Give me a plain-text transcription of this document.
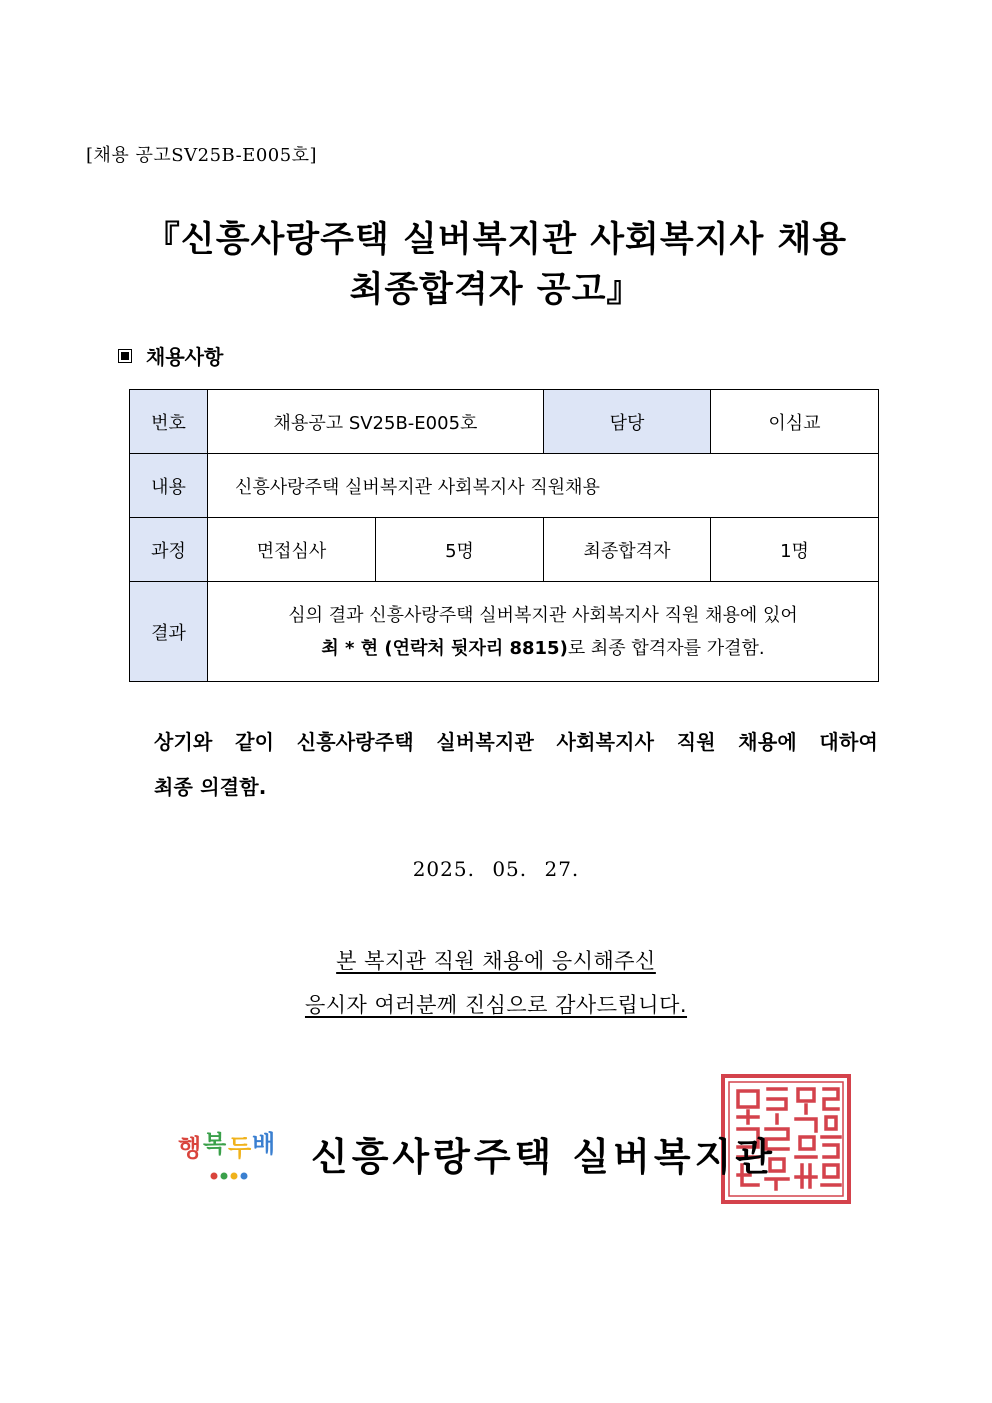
[채용 공고SV25B-E005호]
『신흥사랑주택 실버복지관 사회복지사 채용
최종합격자 공고』
채용사항
번호	채용공고 SV25B-E005호		담당	이심교
내용	신흥사랑주택 실버복지관 사회복지사 직원채용			
과정	면접심사	5명	최종합격자	1명
결과	심의 결과 신흥사랑주택 실버복지관 사회복지사 직원 채용에 있어
최 * 현 (연락처 뒷자리 8815)로 최종 합격자를 가결함.			
상기와 같이 신흥사랑주택 실버복지관 사회복지사 직원 채용에 대하여
최종 의결함.
2025. 05. 27.
본 복지관 직원 채용에 응시해주신
응시자 여러분께 진심으로 감사드립니다.
행 복 두 배 신흥사랑주택 실버복지관
